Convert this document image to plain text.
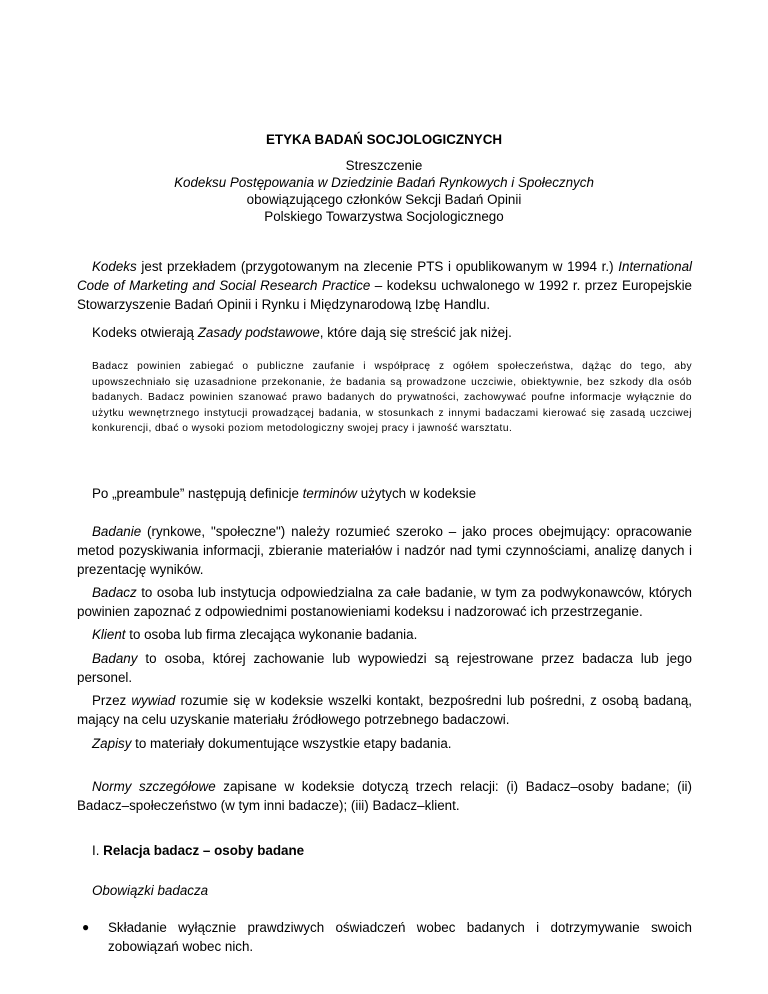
ETYKA BADAŃ SOCJOLOGICZNYCH
Streszczenie
Kodeksu Postępowania w Dziedzinie Badań Rynkowych i Społecznych
obowiązującego członków Sekcji Badań Opinii
Polskiego Towarzystwa Socjologicznego
Kodeks jest przekładem (przygotowanym na zlecenie PTS i opublikowanym w 1994 r.) International Code of Marketing and Social Research Practice – kodeksu uchwalonego w 1992 r. przez Europejskie Stowarzyszenie Badań Opinii i Rynku i Międzynarodową Izbę Handlu.
Kodeks otwierają Zasady podstawowe, które dają się streścić jak niżej.
Badacz powinien zabiegać o publiczne zaufanie i współpracę z ogółem społeczeństwa, dążąc do tego, aby upowszechniało się uzasadnione przekonanie, że badania są prowadzone uczciwie, obiektywnie, bez szkody dla osób badanych. Badacz powinien szanować prawo badanych do prywatności, zachowywać poufne informacje wyłącznie do użytku wewnętrznego instytucji prowadzącej badania, w stosunkach z innymi badaczami kierować się zasadą uczciwej konkurencji, dbać o wysoki poziom metodologiczny swojej pracy i jawność warsztatu.
Po „preambule” następują definicje terminów użytych w kodeksie
Badanie (rynkowe, "społeczne") należy rozumieć szeroko – jako proces obejmujący: opracowanie metod pozyskiwania informacji, zbieranie materiałów i nadzór nad tymi czynnościami, analizę danych i prezentację wyników.
Badacz to osoba lub instytucja odpowiedzialna za całe badanie, w tym za podwykonawców, których powinien zapoznać z odpowiednimi postanowieniami kodeksu i nadzorować ich przestrzeganie.
Klient to osoba lub firma zlecająca wykonanie badania.
Badany to osoba, której zachowanie lub wypowiedzi są rejestrowane przez badacza lub jego personel.
Przez wywiad rozumie się w kodeksie wszelki kontakt, bezpośredni lub pośredni, z osobą badaną, mający na celu uzyskanie materiału źródłowego potrzebnego badaczowi.
Zapisy to materiały dokumentujące wszystkie etapy badania.
Normy szczegółowe zapisane w kodeksie dotyczą trzech relacji: (i) Badacz–osoby badane; (ii) Badacz–społeczeństwo (w tym inni badacze); (iii) Badacz–klient.
I. Relacja badacz – osoby badane
Obowiązki badacza
● Składanie wyłącznie prawdziwych oświadczeń wobec badanych i dotrzymywanie swoich zobowiązań wobec nich.
